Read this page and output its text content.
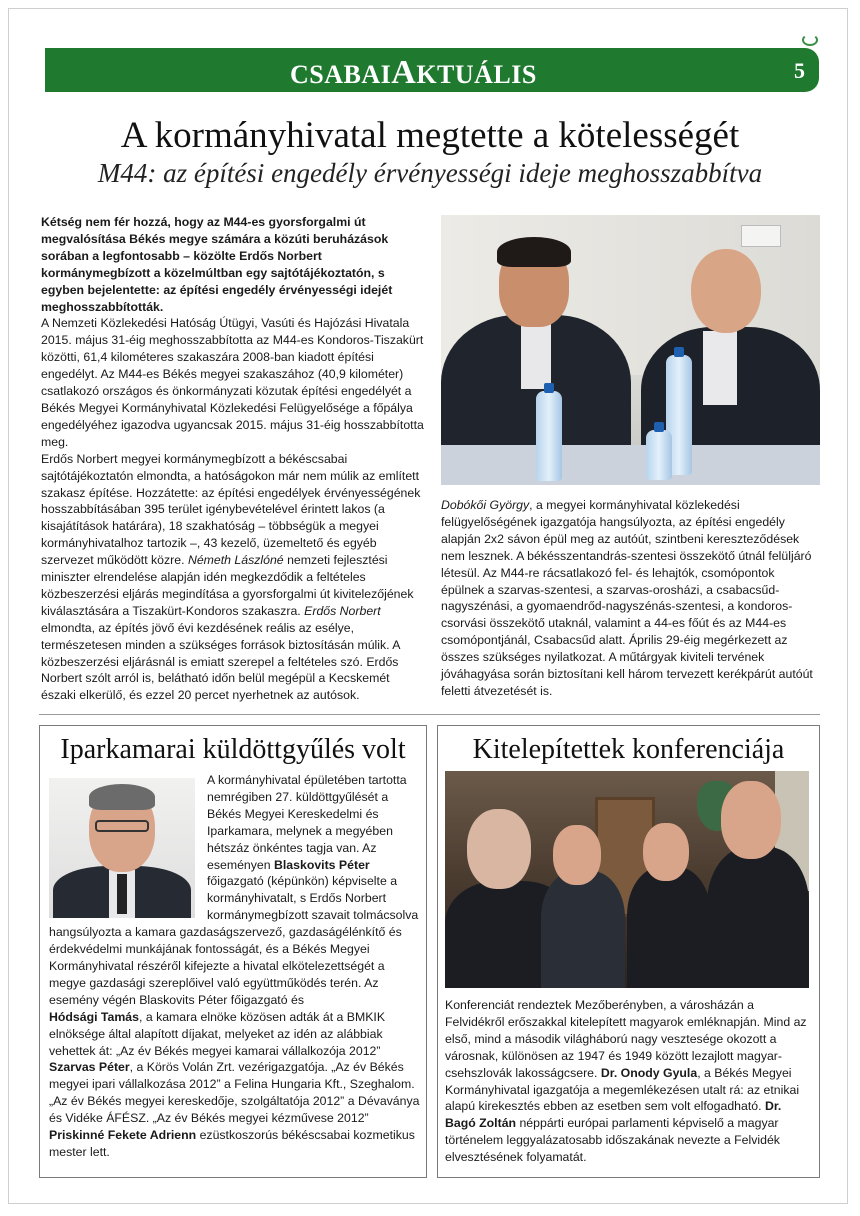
CSABAIAKTUÁLIS	5
A kormányhivatal megtette a kötelességét
M44: az építési engedély érvényességi ideje meghosszabbítva

Kétség nem fér hozzá, hogy az M44-es gyorsforgalmi út megvalósítása Békés megye számára a közúti beruházások sorában a legfontosabb – közölte Erdős Norbert kormánymegbízott a közelmúltban egy sajtótájékoztatón, s egyben bejelentette: az építési engedély érvényességi idejét meghosszabbították.

A Nemzeti Közlekedési Hatóság Útügyi, Vasúti és Hajózási Hivatala 2015. május 31-éig meghosszabbította az M44-es Kondoros-Tiszakürt közötti, 61,4 kilométeres szakaszára 2008-ban kiadott építési engedélyt. Az M44-es Békés megyei szakaszához (40,9 kilométer) csatlakozó országos és önkormányzati közutak építési engedélyét a Békés Megyei Kormányhivatal Közlekedési Felügyelősége a főpálya engedélyéhez igazodva ugyancsak 2015. május 31-éig hosszabbította meg.

Erdős Norbert megyei kormánymegbízott a békéscsabai sajtótájékoztatón elmondta, a hatóságokon már nem múlik az említett szakasz építése. Hozzátette: az építési engedélyek érvényességének hosszabbításában 395 terület igénybevételével érintett lakos (a kisajátítások határára), 18 szakhatóság – többségük a megyei kormányhivatalhoz tartozik –, 43 kezelő, üzemeltető és egyéb szervezet működött közre. Németh Lászlóné nemzeti fejlesztési miniszter elrendelése alapján idén megkezdődik a feltételes közbeszerzési eljárás megindítása a gyorsforgalmi út kivitelezőjének kiválasztására a Tiszakürt-Kondoros szakaszra. Erdős Norbert elmondta, az építés jövő évi kezdésének reális az esélye, természetesen minden a szükséges források biztosításán múlik. A közbeszerzési eljárásnál is emiatt szerepel a feltételes szó. Erdős Norbert szólt arról is, belátható időn belül megépül a Kecskemét északi elkerülő, és ezzel 20 percet nyerhetnek az autósok.

Dobókői György, a megyei kormányhivatal közlekedési felügyelőségének igazgatója hangsúlyozta, az építési engedély alapján 2x2 sávon épül meg az autóút, szintbeni kereszteződések nem lesznek. A békésszentandrás-szentesi összekötő útnál felüljáró létesül. Az M44-re rácsatlakozó fel- és lehajtók, csomópontok épülnek a szarvas-szentesi, a szarvas-orosházi, a csabacsűd-nagyszénási, a gyomaendrőd-nagyszénás-szentesi, a kondoros-csorvási összekötő utaknál, valamint a 44-es főút és az M44-es csomópontjánál, Csabacsűd alatt. Április 29-éig megérkezett az összes szükséges nyilatkozat. A műtárgyak kiviteli tervének jóváhagyása során biztosítani kell három tervezett kerékpárút autóút feletti átvezetését is.
Iparkamarai küldöttgyűlés volt

A kormányhivatal épületében tartotta nemrégiben 27. küldöttgyűlését a Békés Megyei Kereskedelmi és Iparkamara, melynek a megyében hétszáz önkéntes tagja van. Az eseményen Blaskovits Péter főigazgató (képünkön) képviselte a kormányhivatalt, s Erdős Norbert kormánymegbízott szavait tolmácsolva hangsúlyozta a kamara gazdaságszervező, gazdaságélénkítő és érdekvédelmi munkájának fontosságát, és a Békés Megyei Kormányhivatal részéről kifejezte a hivatal elkötelezettségét a megye gazdasági szereplőivel való együttműködés terén. Az esemény végén Blaskovits Péter főigazgató és

Hódsági Tamás, a kamara elnöke közösen adták át a BMKIK elnöksége által alapított díjakat, melyeket az idén az alábbiak vehettek át: „Az év Békés megyei kamarai vállalkozója 2012” Szarvas Péter, a Körös Volán Zrt. vezérigazgatója. „Az év Békés megyei ipari vállalkozása 2012” a Felina Hungaria Kft., Szeghalom. „Az év Békés megyei kereskedője, szolgáltatója 2012” a Dévaványa és Vidéke ÁFÉSZ. „Az év Békés megyei kézművese 2012” Priskinné Fekete Adrienn ezüstkoszorús békéscsabai kozmetikus mester lett.

Kitelepítettek konferenciája
Konferenciát rendeztek Mezőberényben, a városházán a Felvidékről erőszakkal kitelepített magyarok emléknapján. Mind az első, mind a második világháború nagy vesztesége okozott a városnak, különösen az 1947 és 1949 között lezajlott magyar-csehszlovák lakosságcsere. Dr. Onody Gyula, a Békés Megyei Kormányhivatal igazgatója a megemlékezésen utalt rá: az etnikai alapú kirekesztés ebben az esetben sem volt elfogadható. Dr. Bagó Zoltán néppárti európai parlamenti képviselő a magyar történelem leggyalázatosabb időszakának nevezte a Felvidék elvesztésének folyamatát.
